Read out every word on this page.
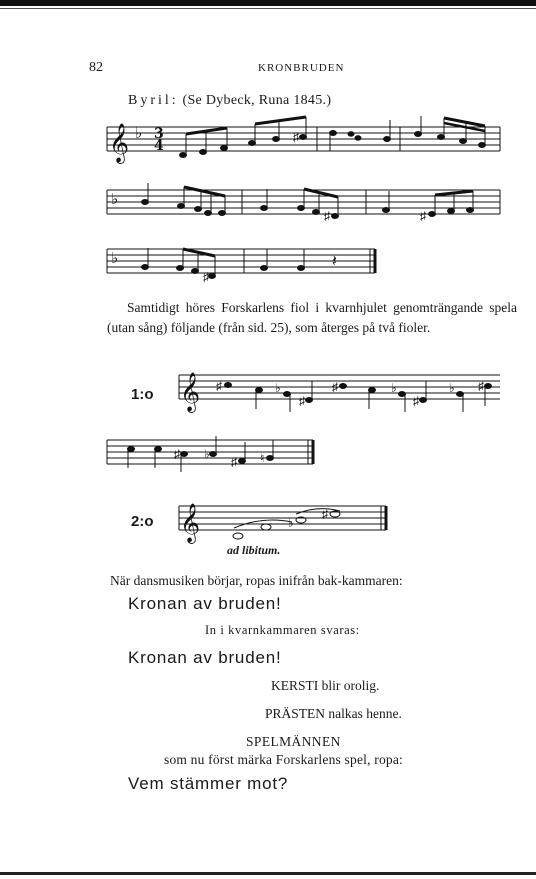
82	KRONBRUDEN
Byril: (Se Dybeck, Runa 1845.)
𝄞 ♭ 3
4
♭
♭
𝄞
𝄞
♯
♯	♯
♯
𝄽
♯	♭
♯
♯	♭
♯
♭ ♯
♯ ♭
♯ ♮
♭
♯
Samtidigt höres Forskarlens fiol i kvarnhjulet genomträngande spela (utan sång) följande (från sid. 25), som återges på två fioler.
1:o
2:o
ad libitum.
När dansmusiken börjar, ropas inifrån bak-kammaren:
Kronan av bruden!
In i kvarnkammaren svaras:
Kronan av bruden!
KERSTI blir orolig.
PRÄSTEN nalkas henne.
SPELMÄNNEN
som nu först märka Forskarlens spel, ropa:
Vem stämmer mot?
